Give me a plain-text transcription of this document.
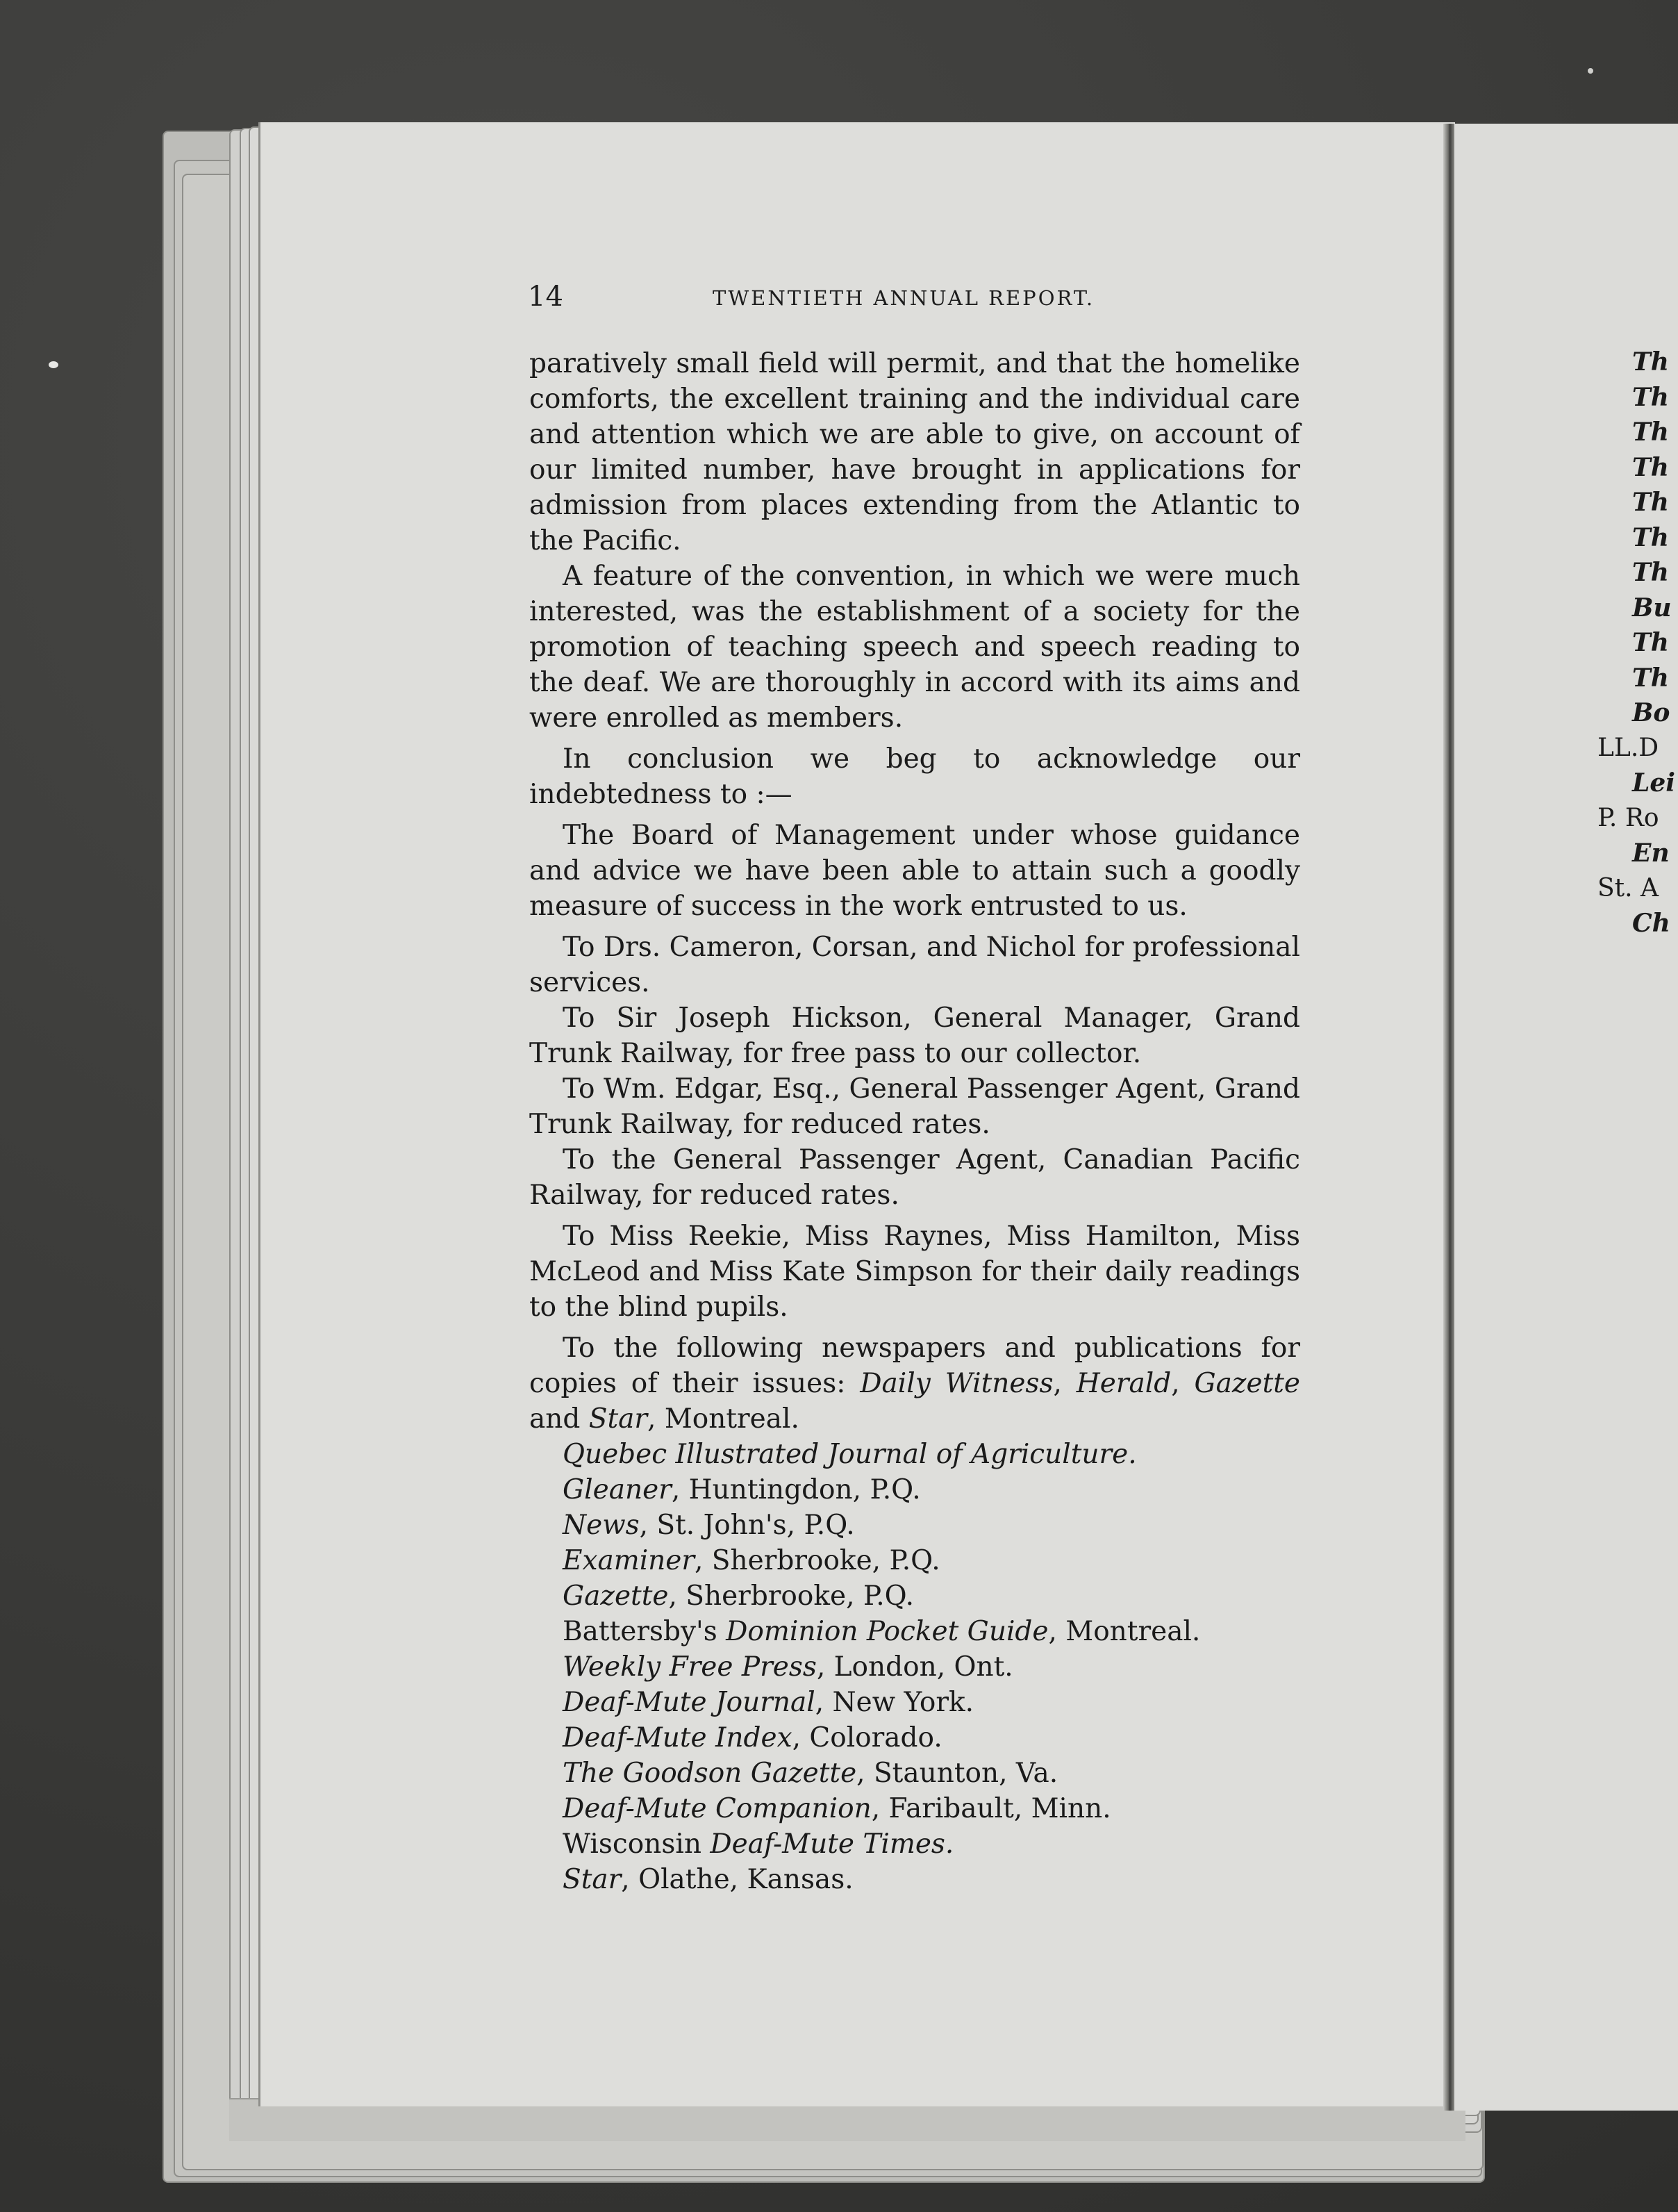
14	TWENTIETH ANNUAL REPORT.

paratively small field will permit, and that the homelike comforts, the excellent training and the individual care and attention which we are able to give, on account of our limited number, have brought in applications for admission from places extending from the Atlantic to the Pacific.

A feature of the convention, in which we were much interested, was the establishment of a society for the promotion of teaching speech and speech reading to the deaf. We are thoroughly in accord with its aims and were enrolled as members.

In conclusion we beg to acknowledge our indebtedness to :—

The Board of Management under whose guidance and advice we have been able to attain such a goodly measure of success in the work entrusted to us.

To Drs. Cameron, Corsan, and Nichol for professional services.

To Sir Joseph Hickson, General Manager, Grand Trunk Railway, for free pass to our collector.

To Wm. Edgar, Esq., General Passenger Agent, Grand Trunk Railway, for reduced rates.

To the General Passenger Agent, Canadian Pacific Railway, for reduced rates.

To Miss Reekie, Miss Raynes, Miss Hamilton, Miss McLeod and Miss Kate Simpson for their daily readings to the blind pupils.

To the following newspapers and publications for copies of their issues: Daily Witness, Herald, Gazette and Star, Montreal.

Quebec Illustrated Journal of Agriculture.
Gleaner, Huntingdon, P.Q.
News, St. John's, P.Q.
Examiner, Sherbrooke, P.Q.
Gazette, Sherbrooke, P.Q.
Battersby's Dominion Pocket Guide, Montreal.
Weekly Free Press, London, Ont.
Deaf-Mute Journal, New York.
Deaf-Mute Index, Colorado.
The Goodson Gazette, Staunton, Va.
Deaf-Mute Companion, Faribault, Minn.
Wisconsin Deaf-Mute Times.
Star, Olathe, Kansas.
Th
Th
Th
Th
Th
Th
Th
Bu
Th
Th
Bo
LL.D
Lei
P. Ro
En
St. A
Ch
